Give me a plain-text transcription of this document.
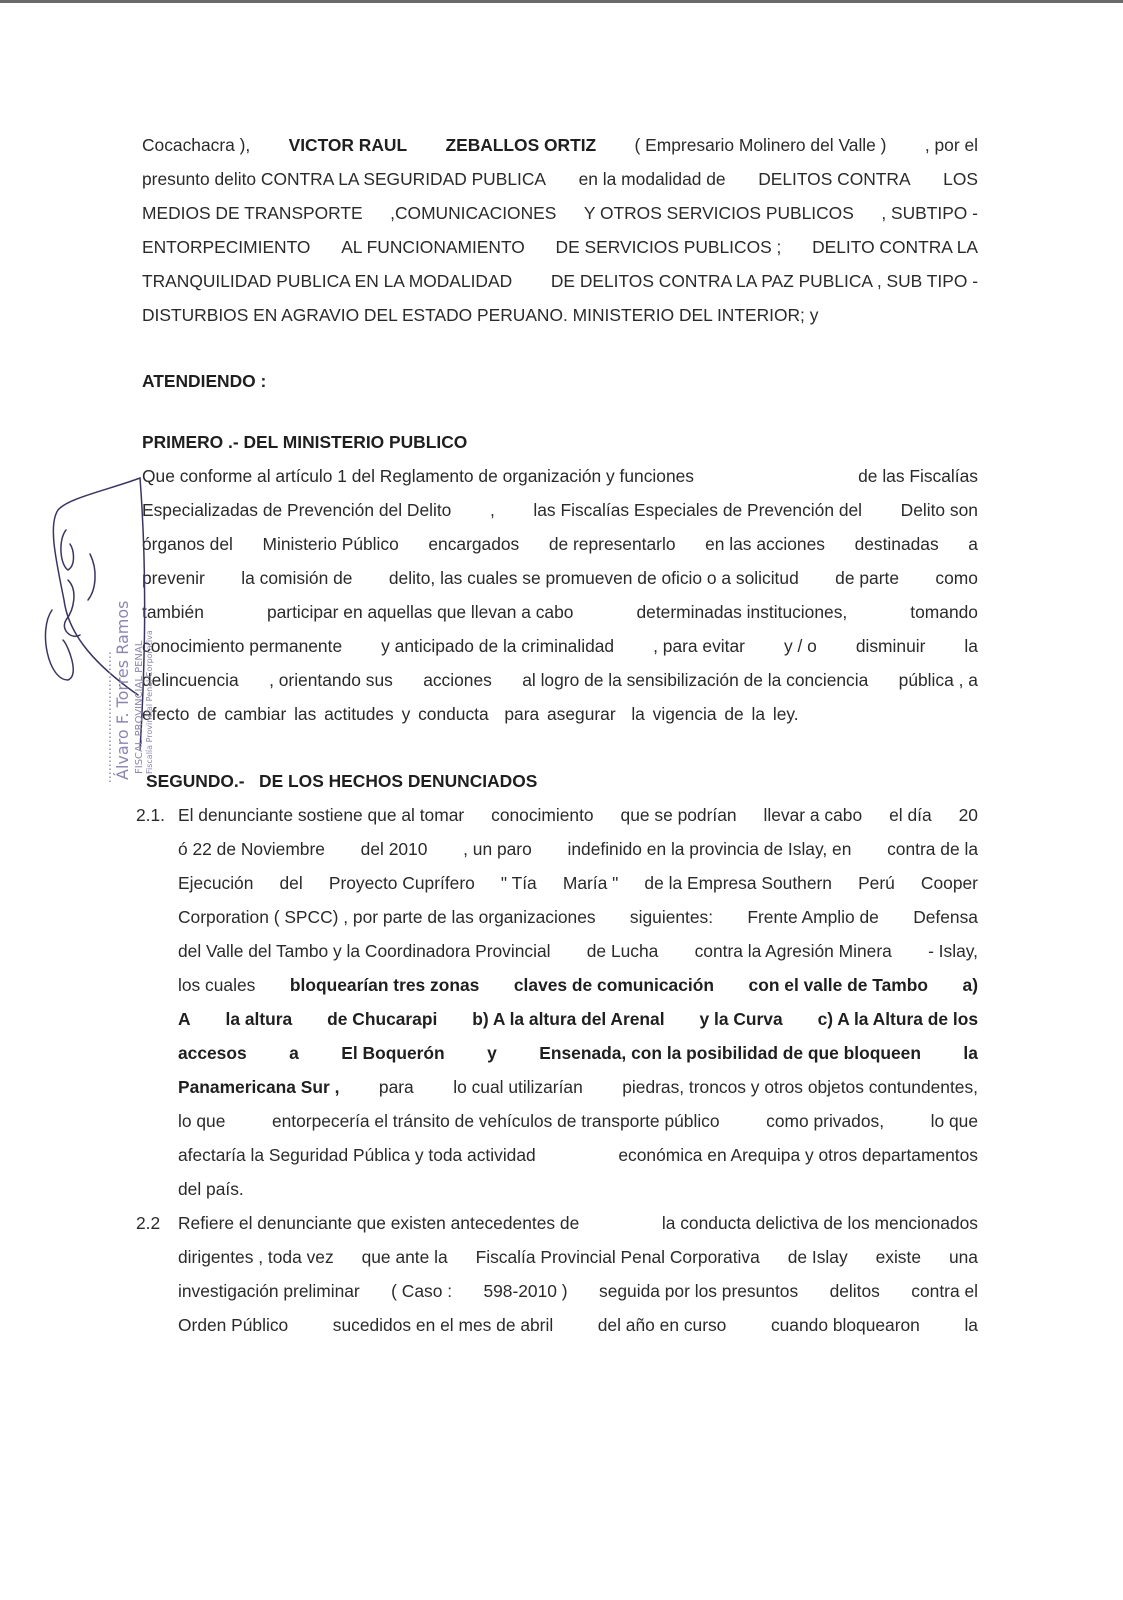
Cocachacra ), VICTOR RAUL ZEBALLOS ORTIZ ( Empresario Molinero del Valle ) , por el
presunto delito CONTRA LA SEGURIDAD PUBLICA en la modalidad de DELITOS CONTRA LOS
MEDIOS DE TRANSPORTE ,COMUNICACIONES Y OTROS SERVICIOS PUBLICOS , SUBTIPO -
ENTORPECIMIENTO AL FUNCIONAMIENTO DE SERVICIOS PUBLICOS ; DELITO CONTRA LA
TRANQUILIDAD PUBLICA EN LA MODALIDAD DE DELITOS CONTRA LA PAZ PUBLICA , SUB TIPO -
DISTURBIOS EN AGRAVIO DEL ESTADO PERUANO. MINISTERIO DEL INTERIOR; y
ATENDIENDO :
PRIMERO .- DEL MINISTERIO PUBLICO
Que conforme al artículo 1 del Reglamento de organización y funciones	de las Fiscalías
Especializadas de Prevención del Delito , las Fiscalías Especiales de Prevención del Delito son
órganos del Ministerio Público encargados de representarlo en las acciones destinadas a
prevenir la comisión de delito, las cuales se promueven de oficio o a solicitud de parte como
también	participar en aquellas que llevan a cabo	determinadas instituciones,	tomando
conocimiento permanente y anticipado de la criminalidad , para evitar y / o disminuir la
delincuencia , orientando sus acciones al logro de la sensibilización de la conciencia pública , a
efecto de cambiar las actitudes y conducta para asegurar la vigencia de la ley.
SEGUNDO.-   DE LOS HECHOS DENUNCIADOS
2.1. El denunciante sostiene que al tomar conocimiento que se podrían llevar a cabo el día 20
ó 22 de Noviembre del 2010 , un paro indefinido en la provincia de Islay, en contra de la
Ejecución del Proyecto Cuprífero " Tía María " de la Empresa Southern Perú Cooper
Corporation ( SPCC) , por parte de las organizaciones siguientes: Frente Amplio de Defensa
del Valle del Tambo y la Coordinadora Provincial de Lucha contra la Agresión Minera - Islay,
los cuales bloquearían tres zonas claves de comunicación con el valle de Tambo a)
A la altura de Chucarapi b) A la altura del Arenal y la Curva c) A la Altura de los
accesos a El Boquerón y Ensenada, con la posibilidad de que bloqueen la
Panamericana Sur , para lo cual utilizarían piedras, troncos y otros objetos contundentes,
lo que	entorpecería el tránsito de vehículos de transporte público	como privados,	lo que
afectaría la Seguridad Pública y toda actividad	económica en Arequipa y otros departamentos
del país.
2.2 Refiere el denunciante que existen antecedentes de	la conducta delictiva de los mencionados
dirigentes , toda vez que ante la Fiscalía Provincial Penal Corporativa de Islay existe una
investigación preliminar ( Caso : 598-2010 ) seguida por los presuntos delitos contra el
Orden Público	sucedidos en el mes de abril	del año en curso	cuando bloquearon	la
Álvaro F. Torres Ramos FISCAL PROVINCIAL PENAL Fiscalía Provincial Penal Corporativa
